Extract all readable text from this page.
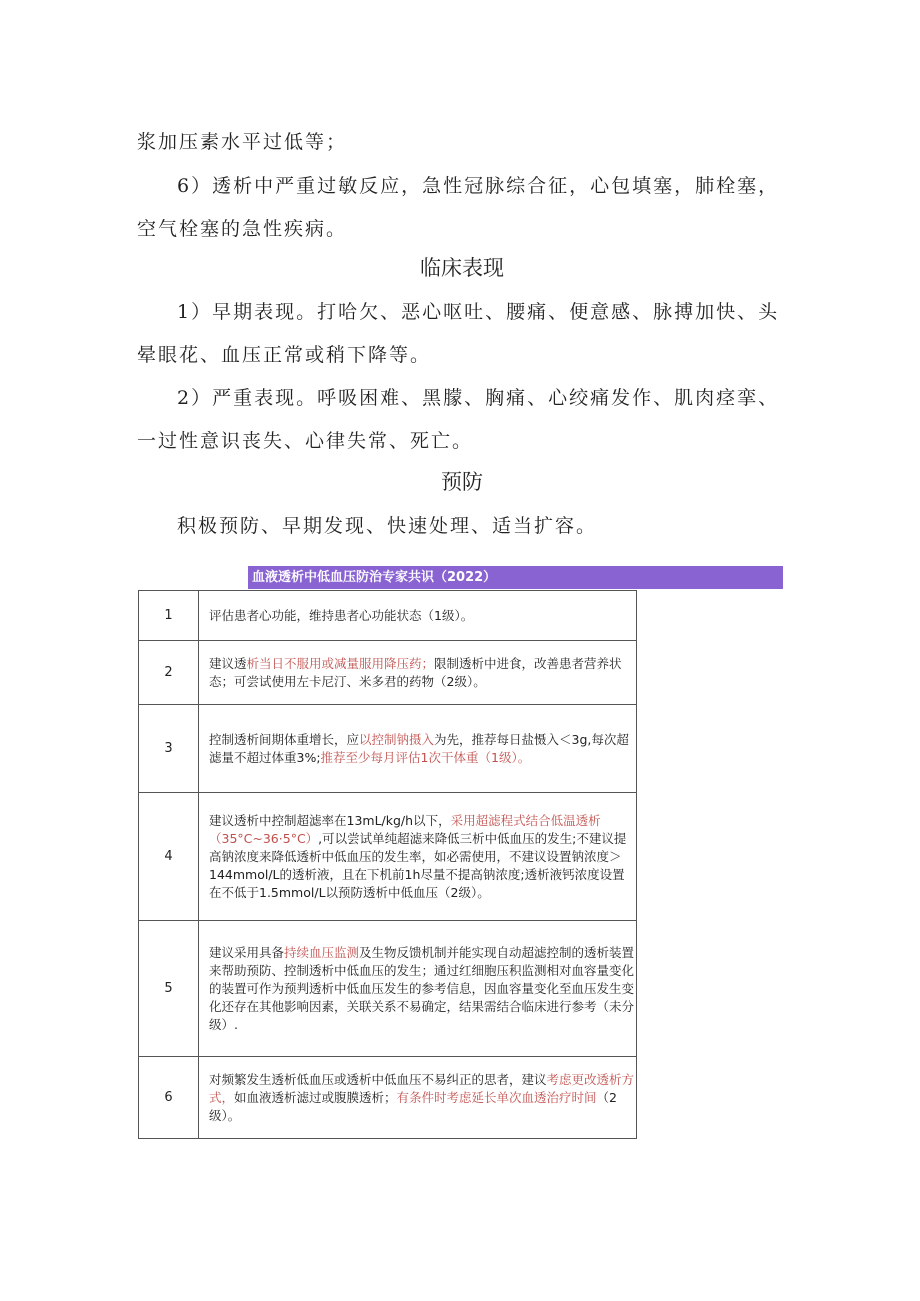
浆加压素水平过低等；

6）透析中严重过敏反应，急性冠脉综合征，心包填塞，肺栓塞，空气栓塞的急性疾病。

临床表现

1）早期表现。打哈欠、恶心呕吐、腰痛、便意感、脉搏加快、头晕眼花、血压正常或稍下降等。

2）严重表现。呼吸困难、黑朦、胸痛、心绞痛发作、肌肉痉挛、一过性意识丧失、心律失常、死亡。

预防

积极预防、早期发现、快速处理、适当扩容。

血液透析中低血压防治专家共识（2022）
1	评估患者心功能，维持患者心功能状态（1级）。
2	建议透析当日不服用或减量服用降压药；限制透析中进食，改善患者营养状态；可尝试使用左卡尼汀、米多君的药物（2级）。
3	控制透析间期体重增长，应以控制钠摄入为先，推荐每日盐慑入＜3g,每次超滤量不超过体重3%;推荐至少每月评估1次干体重（1级）。
4	建议透析中控制超滤率在13mL/kg/h以下，采用超滤程式结合低温透析（35°C~36·5°C）,可以尝试单纯超滤来降低三析中低血压的发生;不建议提高钠浓度来降低透析中低血压的发生率，如必需使用，不建议设置钠浓度＞144mmol/L的透析液，且在下机前1h尽量不提高钠浓度;透析液钙浓度设置在不低于1.5mmol/L以预防透析中低血压（2级）。
5	建议采用具备持续血压监测及生物反馈机制并能实现自动超滤控制的透析装置来帮助预防、控制透析中低血压的发生；通过红细胞压积监测相对血容量变化的装置可作为预判透析中低血压发生的参考信息，因血容量变化至血压发生变化还存在其他影响因素，关联关系不易确定，结果需结合临床进行参考（未分级）.
6	对频繁发生透析低血压或透析中低血压不易纠正的思者，建议考虑更改透析方式，如血液透析滤过或腹膜透析；有条件时考虑延长单次血透治疗时间（2级）。
